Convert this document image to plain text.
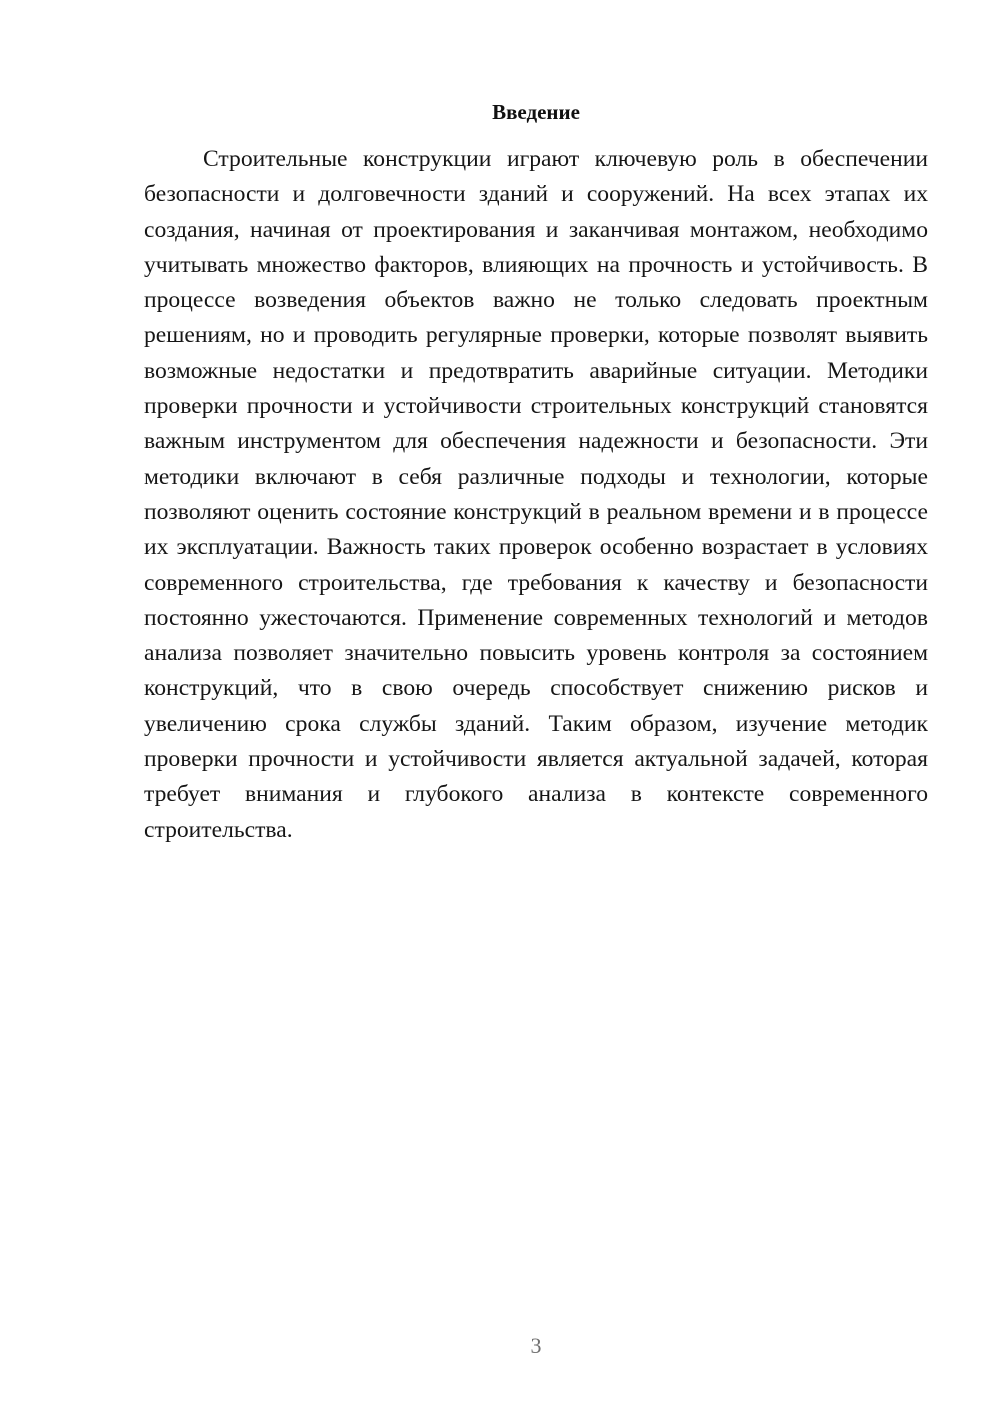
Введение

Строительные конструкции играют ключевую роль в обеспечении безопасности и долговечности зданий и сооружений. На всех этапах их создания, начиная от проектирования и заканчивая монтажом, необходимо учитывать множество факторов, влияющих на прочность и устойчивость. В процессе возведения объектов важно не только следовать проектным решениям, но и проводить регулярные проверки, которые позволят выявить возможные недостатки и предотвратить аварийные ситуации. Методики проверки прочности и устойчивости строительных конструкций становятся важным инструментом для обеспечения надежности и безопасности. Эти методики включают в себя различные подходы и технологии, которые позволяют оценить состояние конструкций в реальном времени и в процессе их эксплуатации. Важность таких проверок особенно возрастает в условиях современного строительства, где требования к качеству и безопасности постоянно ужесточаются. Применение современных технологий и методов анализа позволяет значительно повысить уровень контроля за состоянием конструкций, что в свою очередь способствует снижению рисков и увеличению срока службы зданий. Таким образом, изучение методик проверки прочности и устойчивости является актуальной задачей, которая требует внимания и глубокого анализа в контексте современного строительства.

3
